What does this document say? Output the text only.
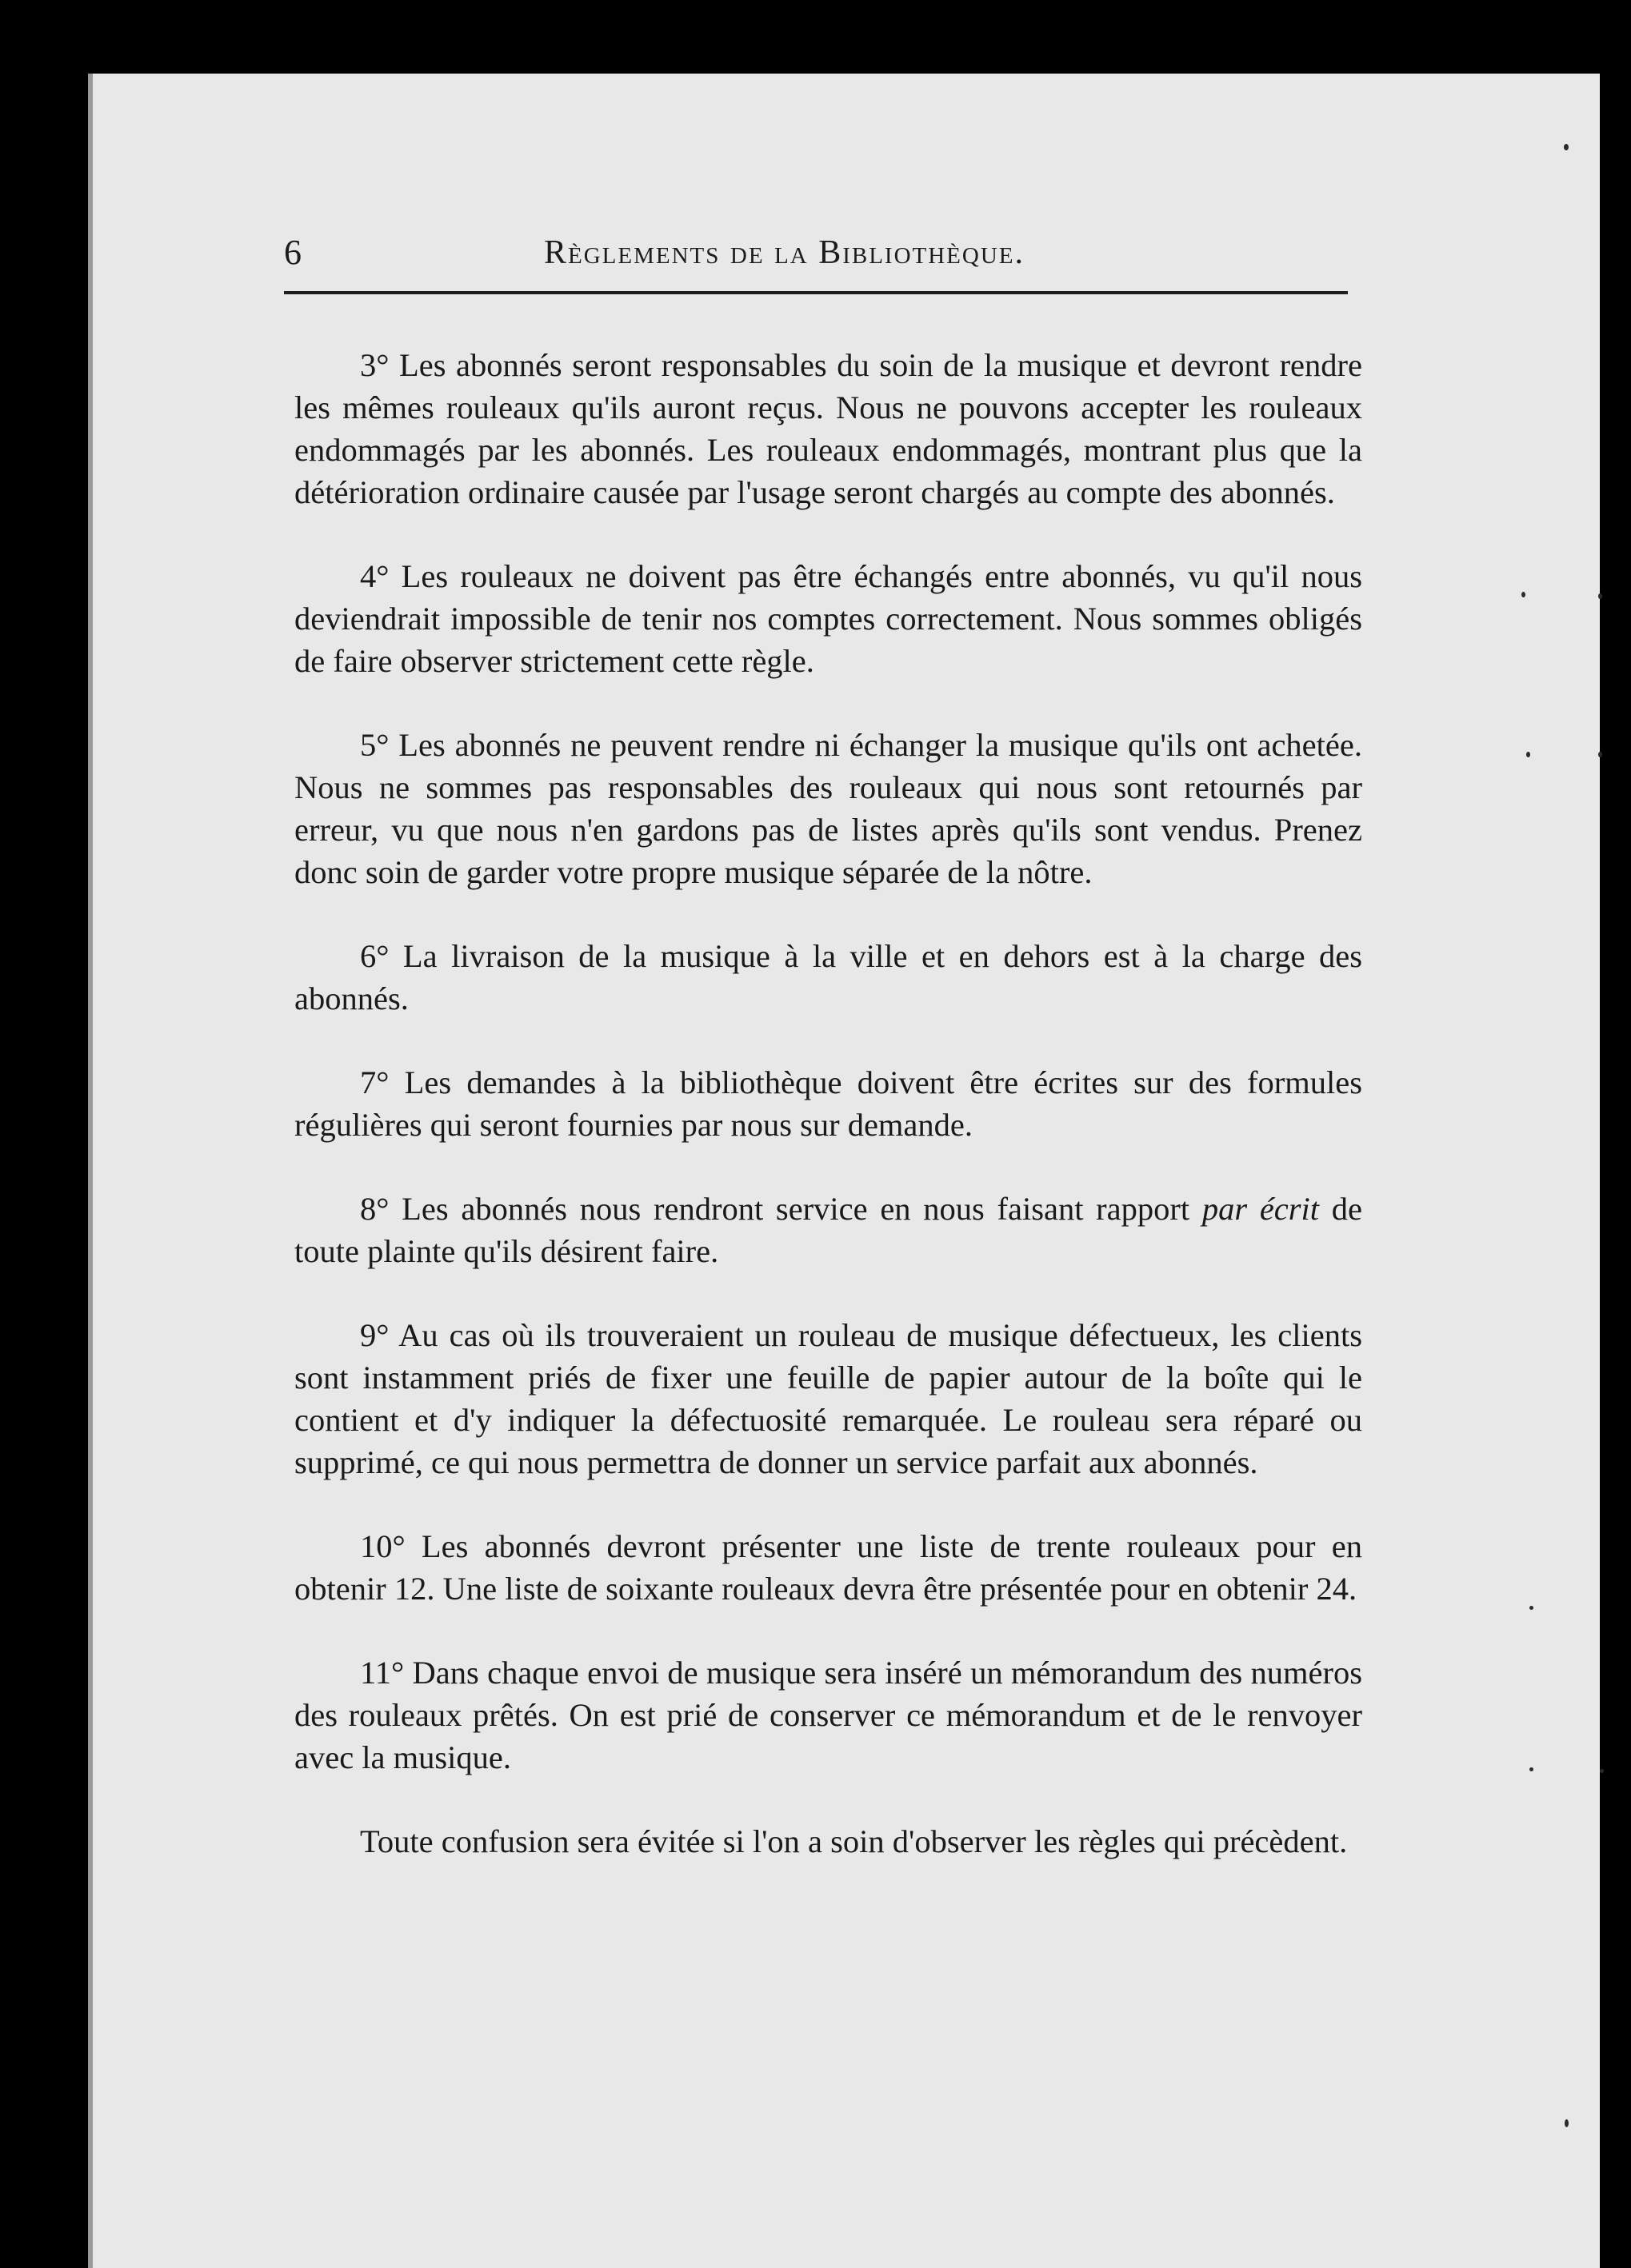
6	Règlements de la Bibliothèque.

3° Les abonnés seront responsables du soin de la musique et devront rendre les mêmes rouleaux qu'ils auront reçus. Nous ne pouvons accepter les rouleaux endommagés par les abonnés. Les rouleaux endommagés, montrant plus que la détérioration ordinaire causée par l'usage seront chargés au compte des abonnés.

4° Les rouleaux ne doivent pas être échangés entre abonnés, vu qu'il nous deviendrait impossible de tenir nos comptes correctement. Nous sommes obligés de faire observer strictement cette règle.

5° Les abonnés ne peuvent rendre ni échanger la musique qu'ils ont achetée. Nous ne sommes pas responsables des rouleaux qui nous sont retournés par erreur, vu que nous n'en gardons pas de listes après qu'ils sont vendus. Prenez donc soin de garder votre propre musique séparée de la nôtre.

6° La livraison de la musique à la ville et en dehors est à la charge des abonnés.

7° Les demandes à la bibliothèque doivent être écrites sur des formules régulières qui seront fournies par nous sur demande.

8° Les abonnés nous rendront service en nous faisant rapport par écrit de toute plainte qu'ils désirent faire.

9° Au cas où ils trouveraient un rouleau de musique défectueux, les clients sont instamment priés de fixer une feuille de papier autour de la boîte qui le contient et d'y indiquer la défectuosité remarquée. Le rouleau sera réparé ou supprimé, ce qui nous permettra de donner un service parfait aux abonnés.

10° Les abonnés devront présenter une liste de trente rouleaux pour en obtenir 12. Une liste de soixante rouleaux devra être présentée pour en obtenir 24.

11° Dans chaque envoi de musique sera inséré un mémorandum des numéros des rouleaux prêtés. On est prié de conserver ce mémorandum et de le renvoyer avec la musique.

Toute confusion sera évitée si l'on a soin d'observer les règles qui précèdent.
